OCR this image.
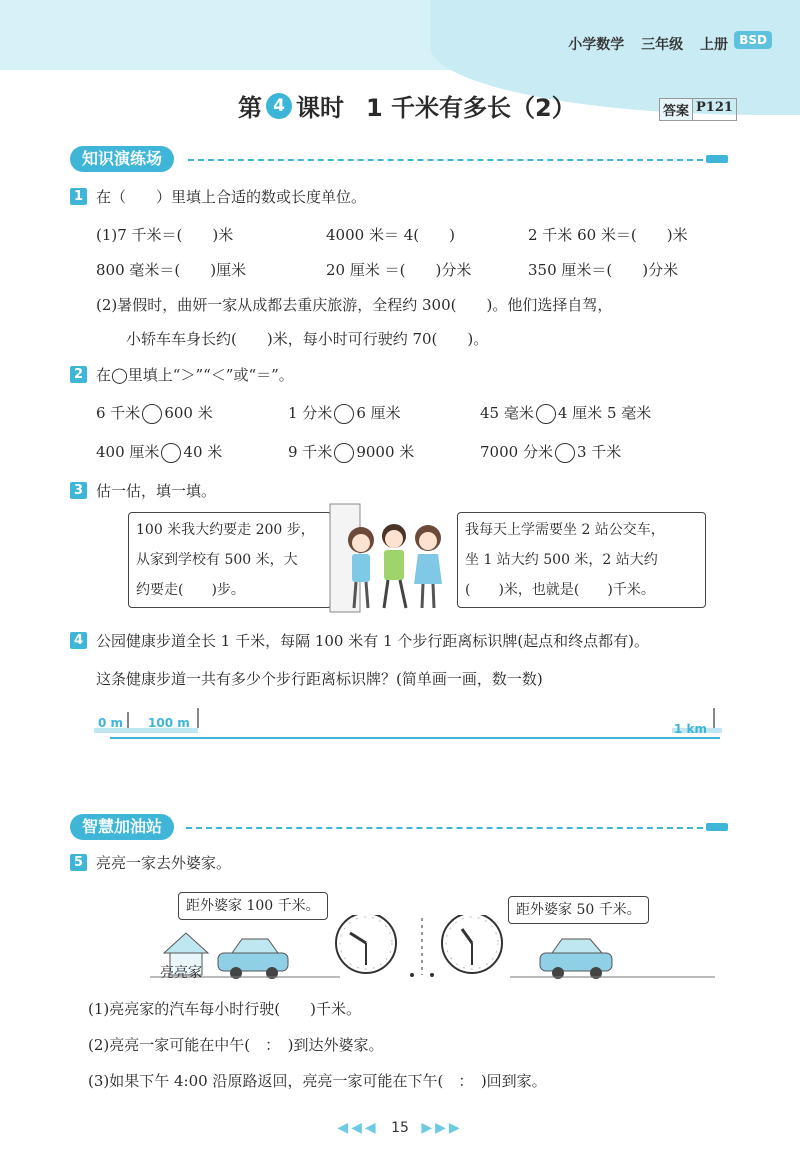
小学数学 三年级 上册 BSD
第 4 课时 1 千米有多长（2）	答案 P121
知识演练场
1 在（　　）里填上合适的数或长度单位。
(1)7 千米＝(　　)米	4000 米＝ 4(　　)	2 千米 60 米＝(　　)米
800 毫米＝(　　)厘米	20 厘米 ＝(　　)分米	350 厘米＝(　　)分米
(2)暑假时，曲妍一家从成都去重庆旅游，全程约 300(　　)。他们选择自驾，
小轿车车身长约(　　)米，每小时可行驶约 70(　　)。
2 在◯里填上“＞”“＜”或“＝”。
6 千米 600 米	1 分米 6 厘米	45 毫米 4 厘米 5 毫米
400 厘米 40 米	9 千米 9000 米	7000 分米 3 千米
3 估一估，填一填。
100 米我大约要走 200 步，
从家到学校有 500 米，大
约要走(　　)步。
我每天上学需要坐 2 站公交车，
坐 1 站大约 500 米，2 站大约
(　　)米，也就是(　　)千米。
4 公园健康步道全长 1 千米，每隔 100 米有 1 个步行距离标识牌(起点和终点都有)。
这条健康步道一共有多少个步行距离标识牌？(简单画一画，数一数)
0 m 100 m	1 km
智慧加油站
5 亮亮一家去外婆家。
距外婆家 100 千米。	距外婆家 50 千米。
亮亮家
(1)亮亮家的汽车每小时行驶(　　)千米。
(2)亮亮一家可能在中午(　：　)到达外婆家。
(3)如果下午 4:00 沿原路返回，亮亮一家可能在下午(　：　)回到家。
◀◀◀ 15 ▶▶▶
